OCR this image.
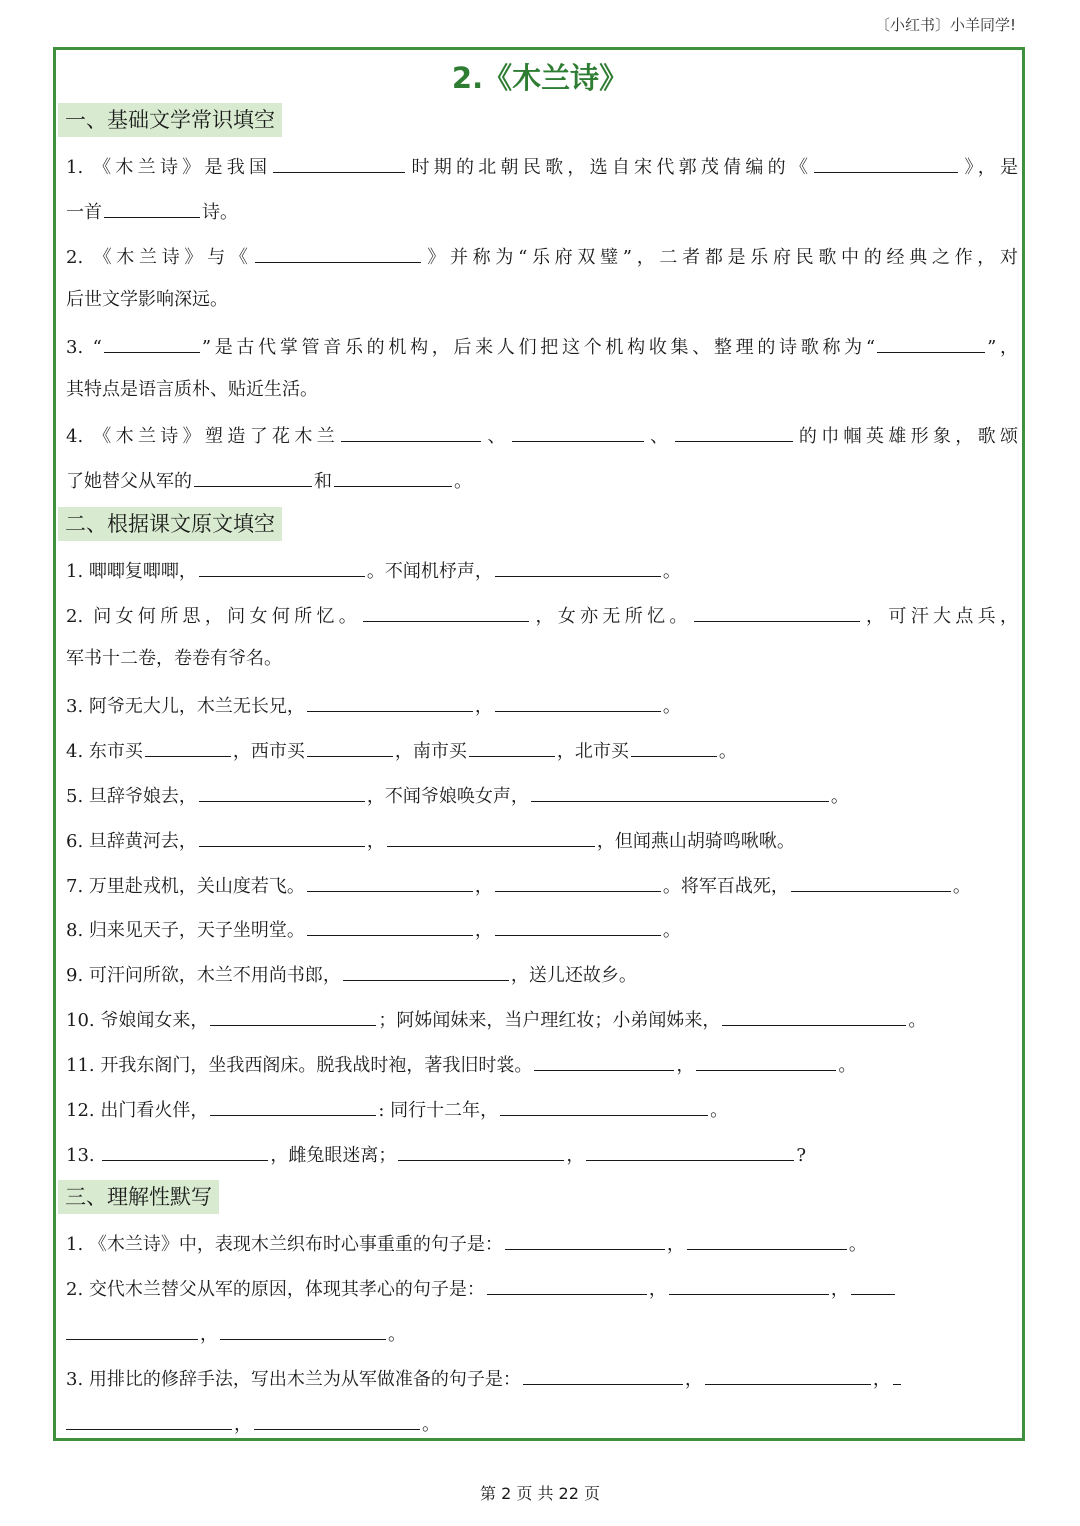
〔小红书〕小羊同学!
2.《木兰诗》
一、基础文学常识填空
1. 《木兰诗》是我国	时期的北朝民歌，选自宋代郭茂倩编的《	》，是
一首	诗。
2. 《木兰诗》与《	》并称为“乐府双璧”，二者都是乐府民歌中的经典之作，对
后世文学影响深远。
3. “	”是古代掌管音乐的机构，后来人们把这个机构收集、整理的诗歌称为“	”，
其特点是语言质朴、贴近生活。
4. 《木兰诗》塑造了花木兰	、	、	的巾帼英雄形象，歌颂
了她替父从军的	和	。
二、根据课文原文填空
1. 唧唧复唧唧，	。不闻机杼声，	。
2. 问女何所思，问女何所忆。	，女亦无所忆。	，可汗大点兵，
军书十二卷，卷卷有爷名。
3. 阿爷无大儿，木兰无长兄，	，	。
4. 东市买	，西市买	，南市买	，北市买	。
5. 旦辞爷娘去，	，不闻爷娘唤女声，	。
6. 旦辞黄河去，	，	，但闻燕山胡骑鸣啾啾。
7. 万里赴戎机，关山度若飞。	，	。将军百战死，	。
8. 归来见天子，天子坐明堂。	，	。
9. 可汗问所欲，木兰不用尚书郎，	，送儿还故乡。
10. 爷娘闻女来，	；阿姊闻妹来，当户理红妆；小弟闻姊来，	。
11. 开我东阁门，坐我西阁床。脱我战时袍，著我旧时裳。	，	。
12. 出门看火伴，	: 同行十二年，	。
13.	，雌兔眼迷离；	，	?
三、理解性默写
1. 《木兰诗》中，表现木兰织布时心事重重的句子是：	，	。
2. 交代木兰替父从军的原因，体现其孝心的句子是：	，	，
，	。
3. 用排比的修辞手法，写出木兰为从军做准备的句子是：	，	，
，	。
第 2 页 共 22 页
